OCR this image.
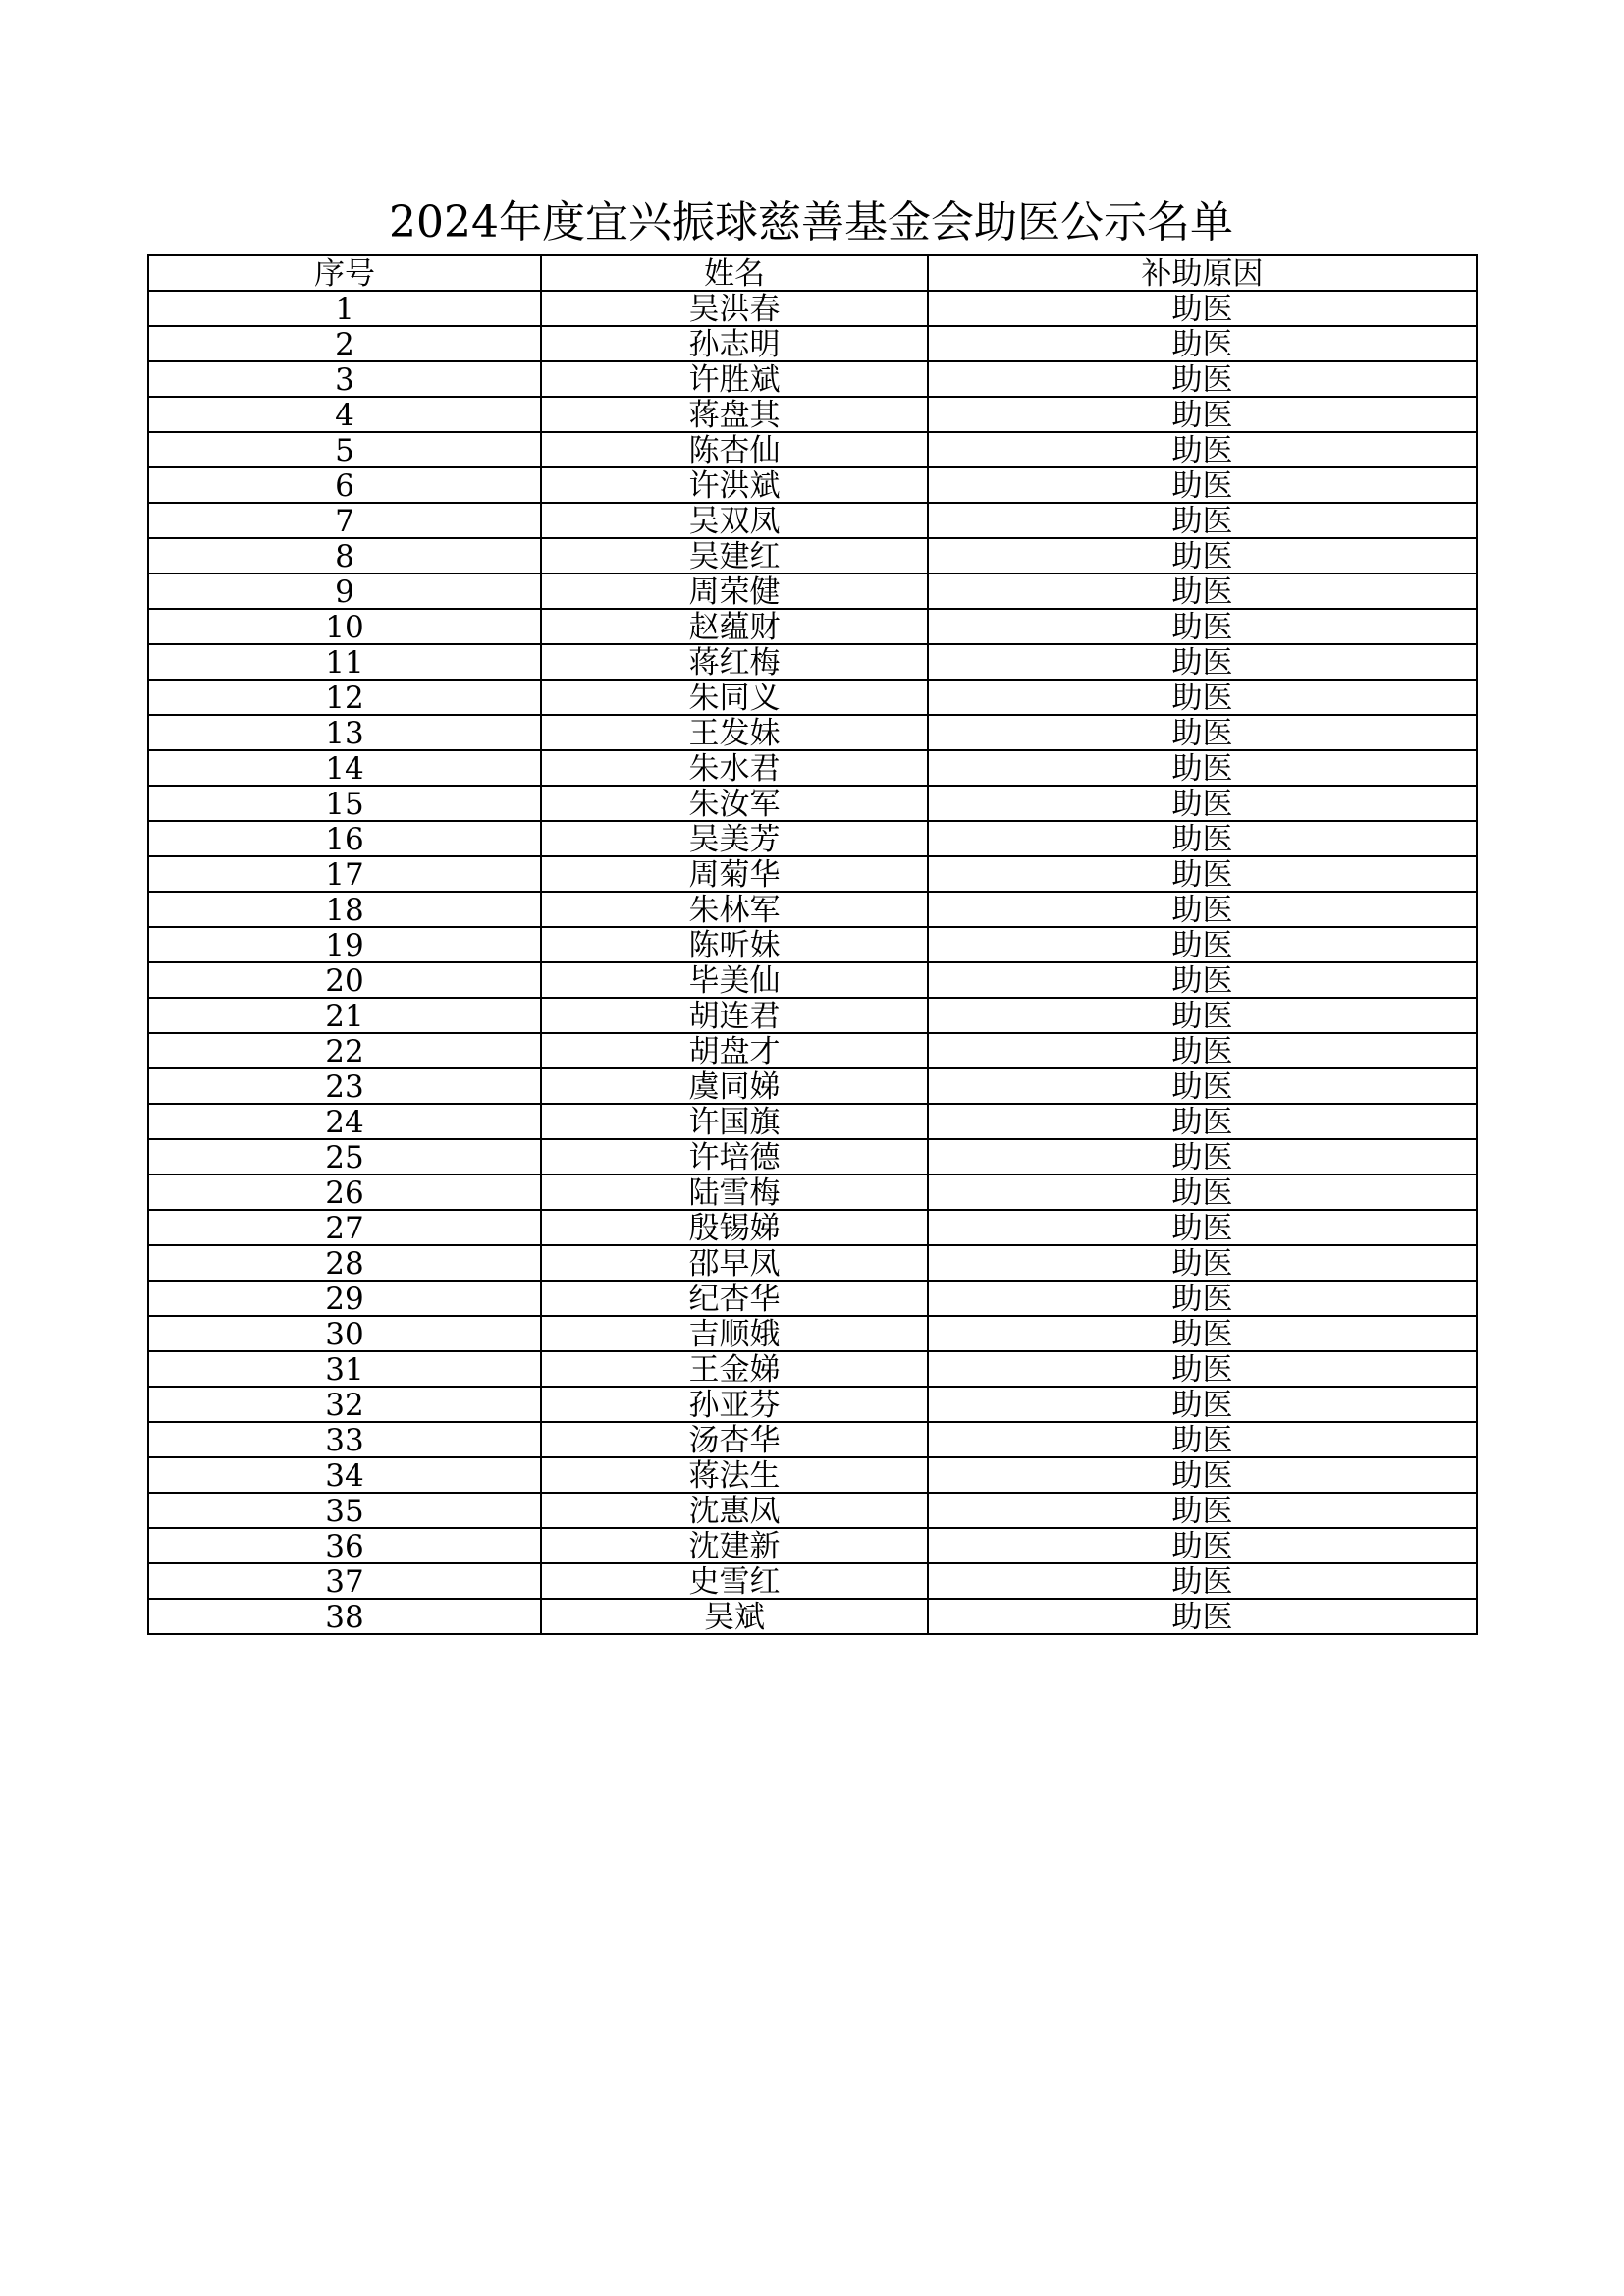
2024年度宜兴振球慈善基金会助医公示名单
序号	姓名	补助原因
1	吴洪春	助医
2	孙志明	助医
3	许胜斌	助医
4	蒋盘其	助医
5	陈杏仙	助医
6	许洪斌	助医
7	吴双凤	助医
8	吴建红	助医
9	周荣健	助医
10	赵蕴财	助医
11	蒋红梅	助医
12	朱同义	助医
13	王发妹	助医
14	朱水君	助医
15	朱汝军	助医
16	吴美芳	助医
17	周菊华	助医
18	朱林军	助医
19	陈听妹	助医
20	毕美仙	助医
21	胡连君	助医
22	胡盘才	助医
23	虞同娣	助医
24	许国旗	助医
25	许培德	助医
26	陆雪梅	助医
27	殷锡娣	助医
28	邵早凤	助医
29	纪杏华	助医
30	吉顺娥	助医
31	王金娣	助医
32	孙亚芬	助医
33	汤杏华	助医
34	蒋法生	助医
35	沈惠凤	助医
36	沈建新	助医
37	史雪红	助医
38	吴斌	助医
